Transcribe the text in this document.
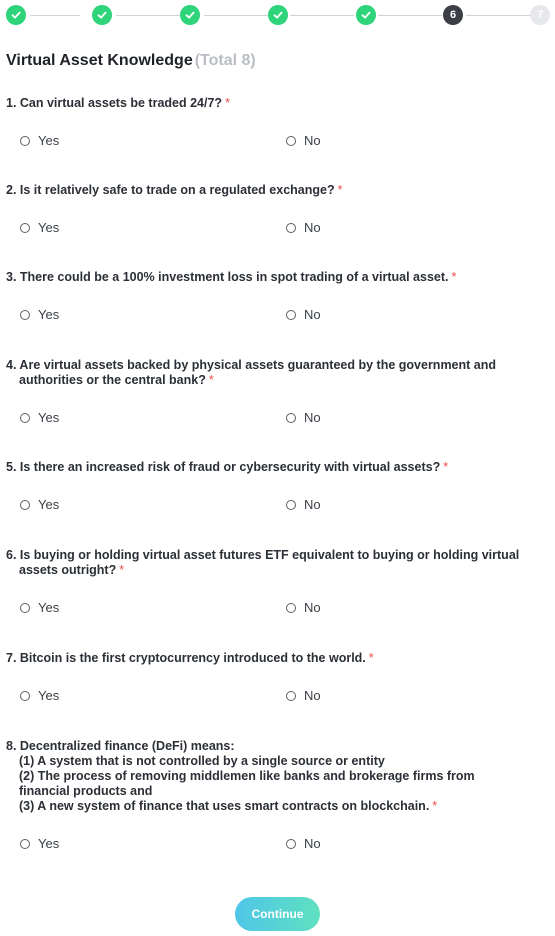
6	7
Virtual Asset Knowledge (Total 8)
1. Can virtual assets be traded 24/7? *
Yes	No
2. Is it relatively safe to trade on a regulated exchange? *
Yes	No
3. There could be a 100% investment loss in spot trading of a virtual asset. *
Yes	No
4. Are virtual assets backed by physical assets guaranteed by the government and
authorities or the central bank? *
Yes	No
5. Is there an increased risk of fraud or cybersecurity with virtual assets? *
Yes	No
6. Is buying or holding virtual asset futures ETF equivalent to buying or holding virtual
assets outright? *
Yes	No
7. Bitcoin is the first cryptocurrency introduced to the world. *
Yes	No
8. Decentralized finance (DeFi) means:
(1) A system that is not controlled by a single source or entity
(2) The process of removing middlemen like banks and brokerage firms from
financial products and
(3) A new system of finance that uses smart contracts on blockchain. *
Yes	No
Continue
